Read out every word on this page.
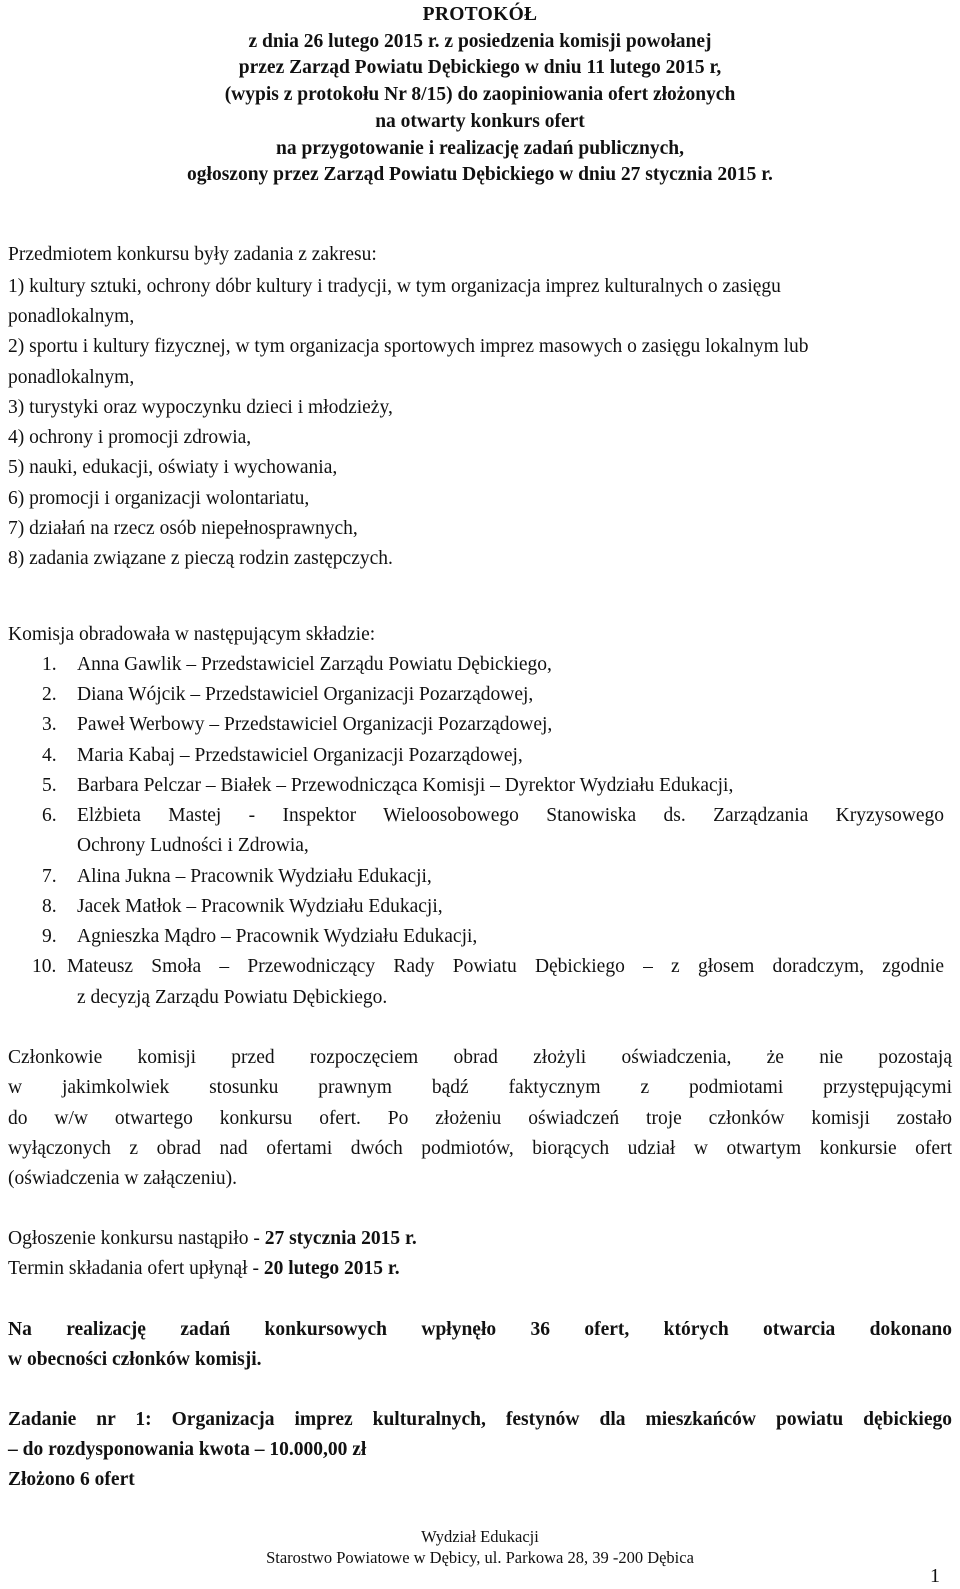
PROTOKÓŁ
z dnia 26 lutego 2015 r. z posiedzenia komisji powołanej
przez Zarząd Powiatu Dębickiego w dniu 11 lutego 2015 r,
(wypis z protokołu Nr 8/15) do zaopiniowania ofert złożonych
na otwarty konkurs ofert
na przygotowanie i realizację zadań publicznych,
ogłoszony przez Zarząd Powiatu Dębickiego w dniu 27 stycznia 2015 r.
Przedmiotem konkursu były zadania z zakresu:
1) kultury sztuki, ochrony dóbr kultury i tradycji, w tym organizacja imprez kulturalnych o zasięgu
ponadlokalnym,
2) sportu i kultury fizycznej, w tym organizacja sportowych imprez masowych o zasięgu lokalnym lub
ponadlokalnym,
3) turystyki oraz wypoczynku dzieci i młodzieży,
4) ochrony i promocji zdrowia,
5) nauki, edukacji, oświaty i wychowania,
6) promocji i organizacji wolontariatu,
7) działań na rzecz osób niepełnosprawnych,
8) zadania związane z pieczą rodzin zastępczych.
Komisja obradowała w następującym składzie:
1. Anna Gawlik – Przedstawiciel Zarządu Powiatu Dębickiego,
2. Diana Wójcik – Przedstawiciel Organizacji Pozarządowej,
3. Paweł Werbowy – Przedstawiciel Organizacji Pozarządowej,
4. Maria Kabaj – Przedstawiciel Organizacji Pozarządowej,
5. Barbara Pelczar – Białek – Przewodnicząca Komisji – Dyrektor Wydziału Edukacji,
6. Elżbieta Mastej - Inspektor Wieloosobowego Stanowiska ds. Zarządzania Kryzysowego
Ochrony Ludności i Zdrowia,
7. Alina Jukna – Pracownik Wydziału Edukacji,
8. Jacek Matłok – Pracownik Wydziału Edukacji,
9. Agnieszka Mądro – Pracownik Wydziału Edukacji,
10. Mateusz Smoła – Przewodniczący Rady Powiatu Dębickiego – z głosem doradczym, zgodnie
z decyzją Zarządu Powiatu Dębickiego.
Członkowie komisji przed rozpoczęciem obrad złożyli oświadczenia, że nie pozostają
w jakimkolwiek stosunku prawnym bądź faktycznym z podmiotami przystępującymi
do w/w otwartego konkursu ofert. Po złożeniu oświadczeń troje członków komisji zostało
wyłączonych z obrad nad ofertami dwóch podmiotów, biorących udział w otwartym konkursie ofert
(oświadczenia w załączeniu).
Ogłoszenie konkursu nastąpiło - 27 stycznia 2015 r.
Termin składania ofert upłynął - 20 lutego 2015 r.
Na realizację zadań konkursowych wpłynęło 36 ofert, których otwarcia dokonano
w obecności członków komisji.
Zadanie nr 1: Organizacja imprez kulturalnych, festynów dla mieszkańców powiatu dębickiego
– do rozdysponowania kwota – 10.000,00 zł
Złożono 6 ofert
Wydział Edukacji
Starostwo Powiatowe w Dębicy, ul. Parkowa 28, 39 -200 Dębica
1
